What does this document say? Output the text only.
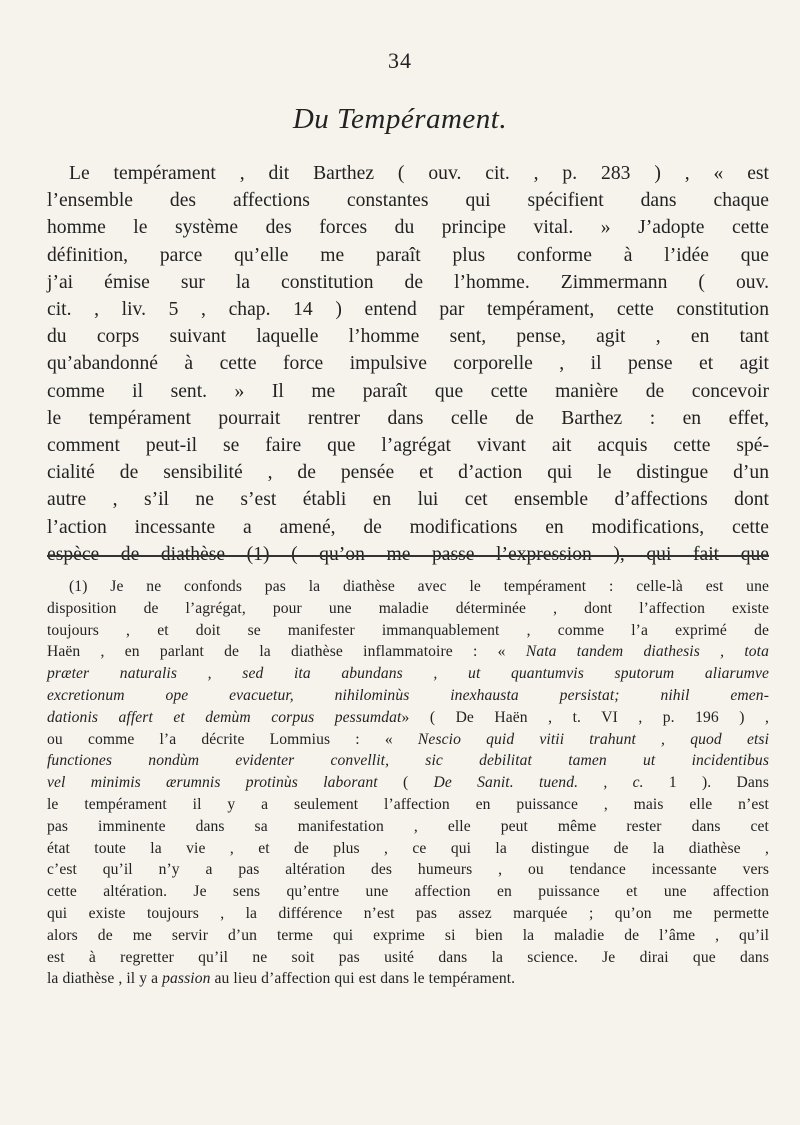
34
Du Tempérament.
Le tempérament , dit Barthez ( ouv. cit. , p. 283 ) , « est
l’ensemble des affections constantes qui spécifient dans chaque
homme le système des forces du principe vital. » J’adopte cette
définition, parce qu’elle me paraît plus conforme à l’idée que
j’ai émise sur la constitution de l’homme. Zimmermann ( ouv.
cit. , liv. 5 , chap. 14 ) entend par tempérament, cette constitution
du corps suivant laquelle l’homme sent, pense, agit , en tant
qu’abandonné à cette force impulsive corporelle , il pense et agit
comme il sent. » Il me paraît que cette manière de concevoir
le tempérament pourrait rentrer dans celle de Barthez : en effet,
comment peut-il se faire que l’agrégat vivant ait acquis cette spé-
cialité de sensibilité , de pensée et d’action qui le distingue d’un
autre , s’il ne s’est établi en lui cet ensemble d’affections dont
l’action incessante a amené, de modifications en modifications, cette
espèce de diathèse (1) ( qu’on me passe l’expression ), qui fait que
(1) Je ne confonds pas la diathèse avec le tempérament : celle-là est une
disposition de l’agrégat, pour une maladie déterminée , dont l’affection existe
toujours , et doit se manifester immanquablement , comme l’a exprimé de
Haën , en parlant de la diathèse inflammatoire : « Nata tandem diathesis , tota
præter naturalis , sed ita abundans , ut quantumvis sputorum aliarumve
excretionum ope evacuetur, nihilominùs inexhausta persistat; nihil emen-
dationis affert et demùm corpus pessumdat» ( De Haën , t. VI , p. 196 ) ,
ou comme l’a décrite Lommius : « Nescio quid vitii trahunt , quod etsi
functiones nondùm evidenter convellit, sic debilitat tamen ut incidentibus
vel minimis ærumnis protinùs laborant ( De Sanit. tuend. , c. 1 ). Dans
le tempérament il y a seulement l’affection en puissance , mais elle n’est
pas imminente dans sa manifestation , elle peut même rester dans cet
état toute la vie , et de plus , ce qui la distingue de la diathèse ,
c’est qu’il n’y a pas altération des humeurs , ou tendance incessante vers
cette altération. Je sens qu’entre une affection en puissance et une affection
qui existe toujours , la différence n’est pas assez marquée ; qu’on me permette
alors de me servir d’un terme qui exprime si bien la maladie de l’âme , qu’il
est à regretter qu’il ne soit pas usité dans la science. Je dirai que dans
la diathèse , il y a passion au lieu d’affection qui est dans le tempérament.
